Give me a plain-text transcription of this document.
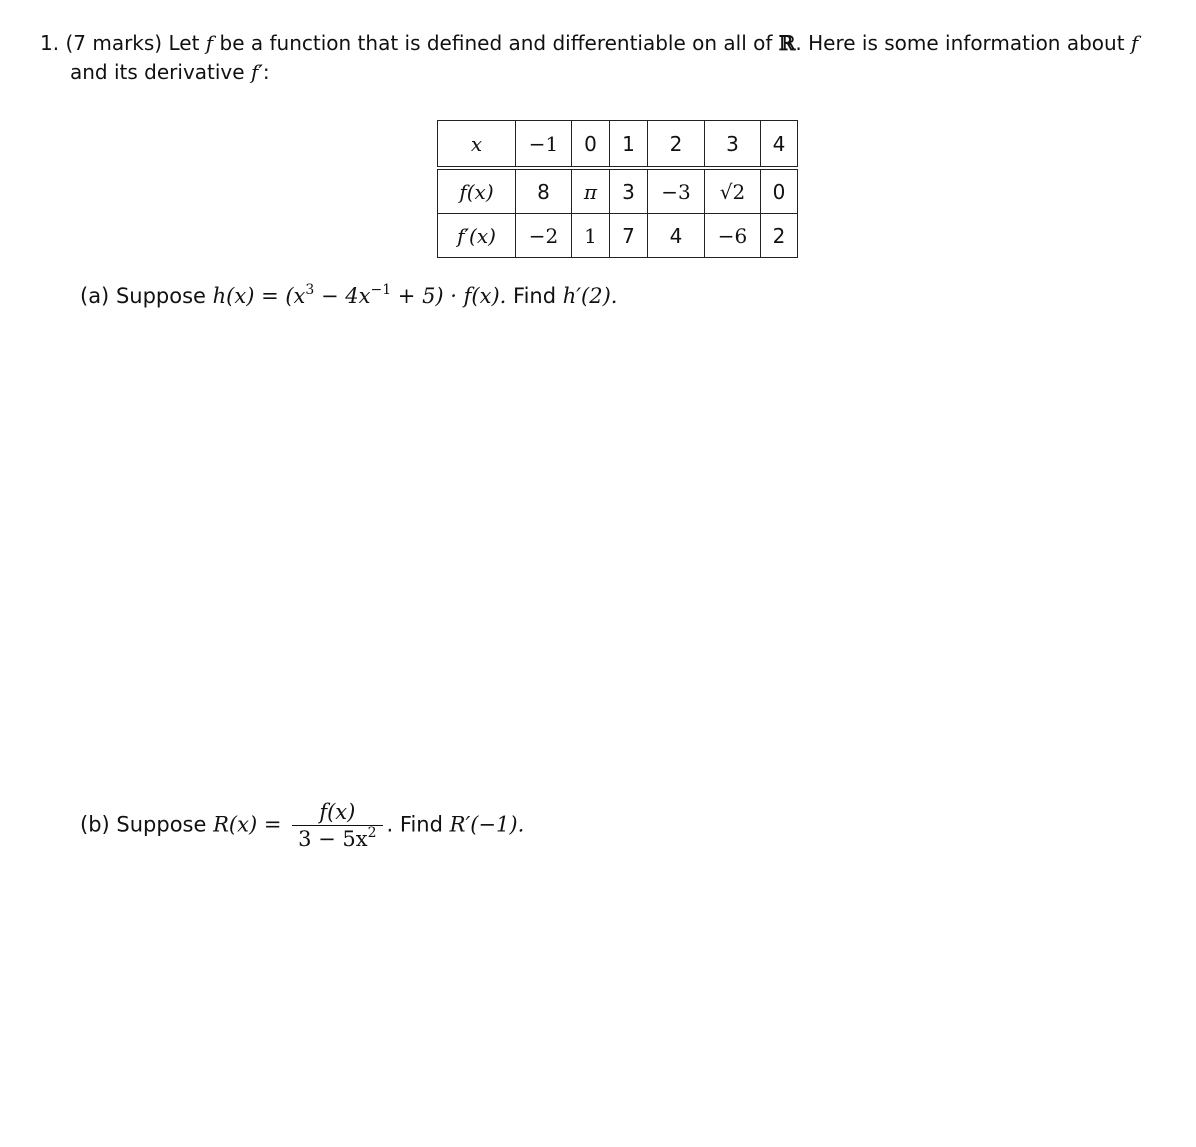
1. (7 marks) Let f be a function that is defined and differentiable on all of ℝ. Here is some information about f
and its derivative f′:
x	−1	0	1	2	3	4

f(x)	8	π	3	−3	√2	0
f′(x)	−2	1	7	4	−6	2
(a) Suppose $h(x) = (x^3 - 4x^{-1} + 5) \cdot f(x)$. Find h′(2).
(b) Suppose $R(x) = \frac{f(x)}{3 - 5x^2}$ . Find R′(−1).
